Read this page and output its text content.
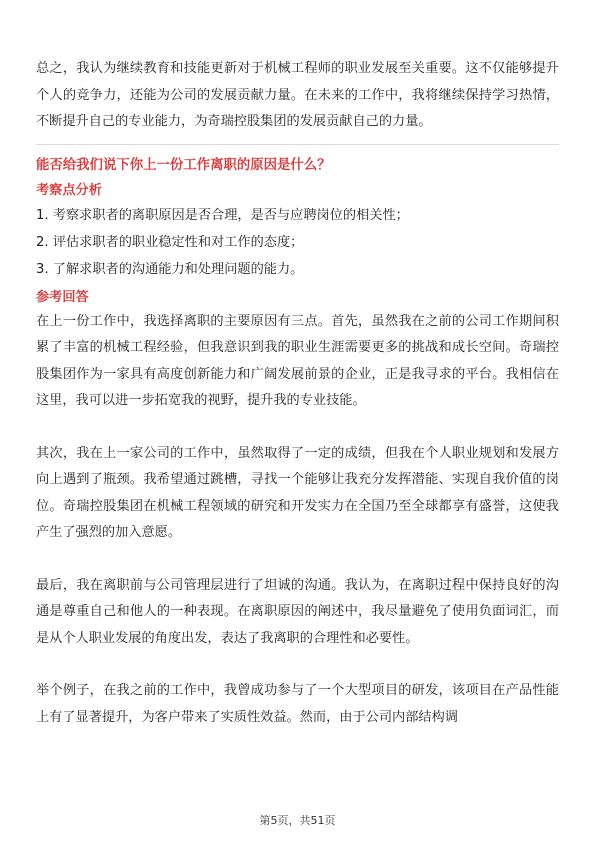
总之，我认为继续教育和技能更新对于机械工程师的职业发展至关重要。这不仅能够提升个人的竞争力，还能为公司的发展贡献力量。在未来的工作中，我将继续保持学习热情，不断提升自己的专业能力，为奇瑞控股集团的发展贡献自己的力量。

能否给我们说下你上一份工作离职的原因是什么？

考察点分析

1. 考察求职者的离职原因是否合理，是否与应聘岗位的相关性；

2. 评估求职者的职业稳定性和对工作的态度；

3. 了解求职者的沟通能力和处理问题的能力。

参考回答

在上一份工作中，我选择离职的主要原因有三点。首先，虽然我在之前的公司工作期间积累了丰富的机械工程经验，但我意识到我的职业生涯需要更多的挑战和成长空间。奇瑞控股集团作为一家具有高度创新能力和广阔发展前景的企业，正是我寻求的平台。我相信在这里，我可以进一步拓宽我的视野，提升我的专业技能。

其次，我在上一家公司的工作中，虽然取得了一定的成绩，但我在个人职业规划和发展方向上遇到了瓶颈。我希望通过跳槽，寻找一个能够让我充分发挥潜能、实现自我价值的岗位。奇瑞控股集团在机械工程领域的研究和开发实力在全国乃至全球都享有盛誉，这使我产生了强烈的加入意愿。

最后，我在离职前与公司管理层进行了坦诚的沟通。我认为，在离职过程中保持良好的沟通是尊重自己和他人的一种表现。在离职原因的阐述中，我尽量避免了使用负面词汇，而是从个人职业发展的角度出发，表达了我离职的合理性和必要性。

举个例子，在我之前的工作中，我曾成功参与了一个大型项目的研发，该项目在产品性能上有了显著提升，为客户带来了实质性效益。然而，由于公司内部结构调

第5页，共51页
